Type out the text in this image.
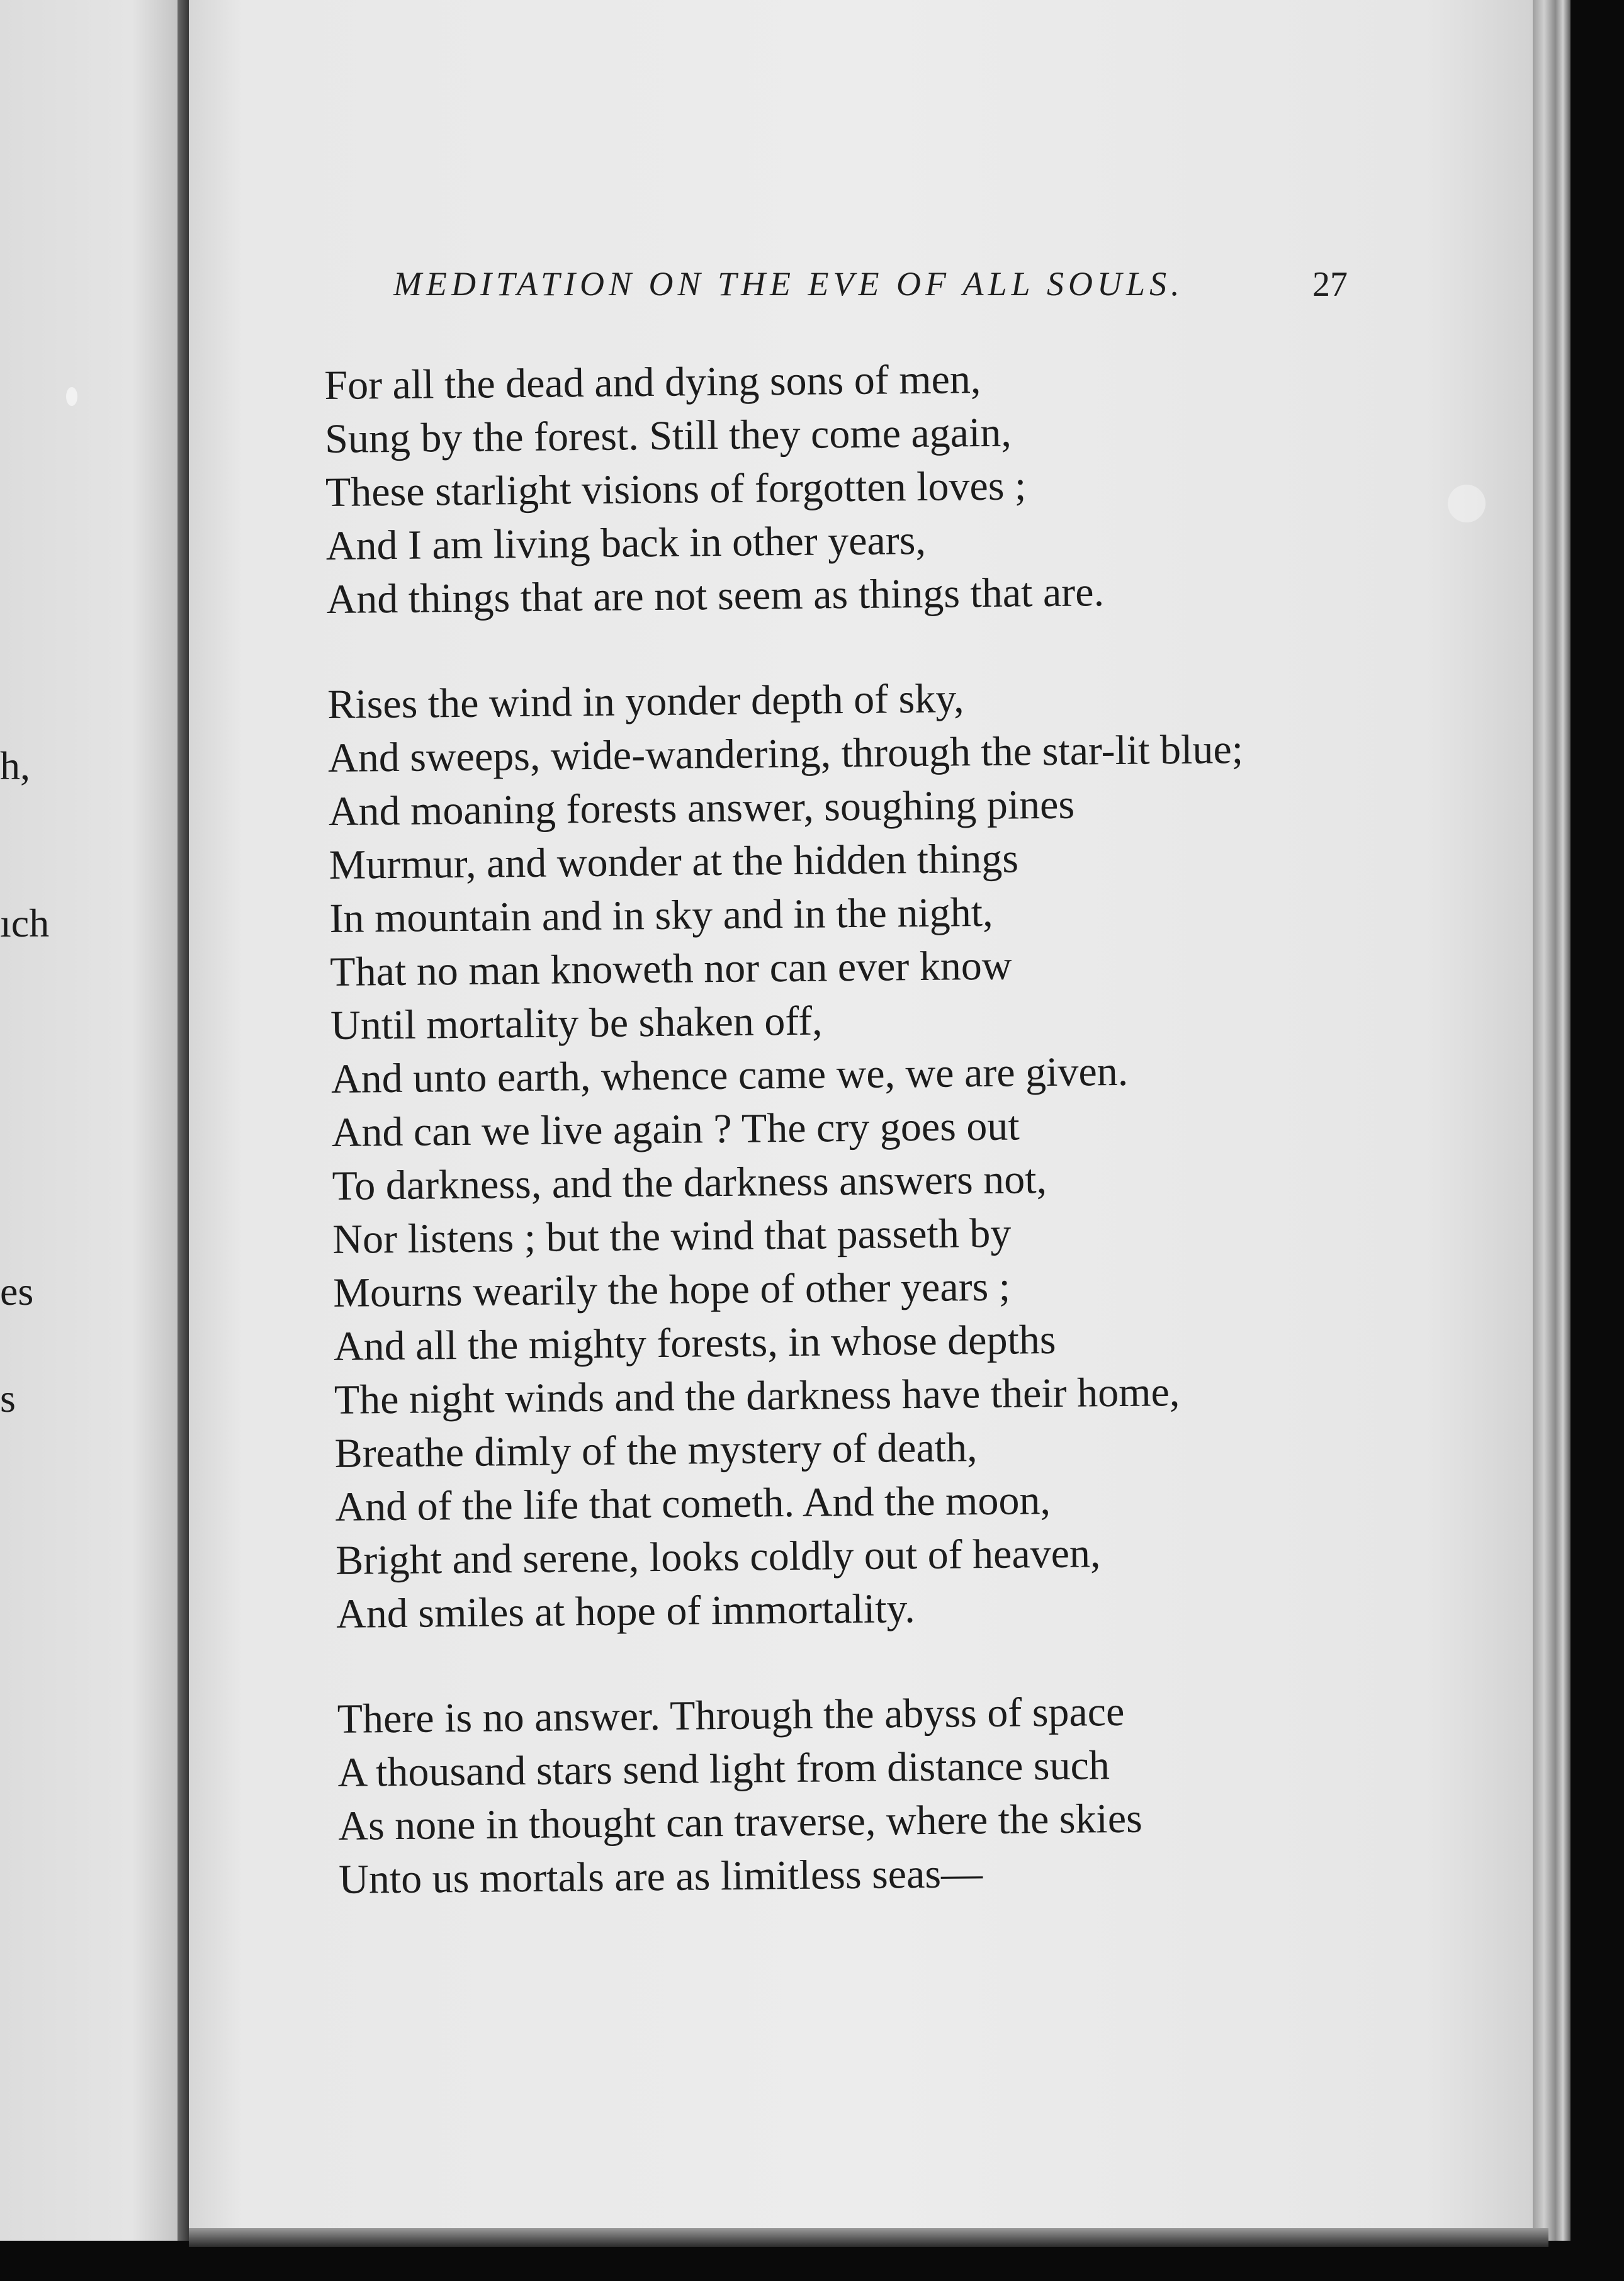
h,
ıch
es
s
MEDITATION ON THE EVE OF ALL SOULS.	27
For all the dead and dying sons of men,
Sung by the forest. Still they come again,
These starlight visions of forgotten loves ;
And I am living back in other years,
And things that are not seem as things that are.
Rises the wind in yonder depth of sky,
And sweeps, wide-wandering, through the star-lit blue;
And moaning forests answer, soughing pines
Murmur, and wonder at the hidden things
In mountain and in sky and in the night,
That no man knoweth nor can ever know
Until mortality be shaken off,
And unto earth, whence came we, we are given.
And can we live again ? The cry goes out
To darkness, and the darkness answers not,
Nor listens ; but the wind that passeth by
Mourns wearily the hope of other years ;
And all the mighty forests, in whose depths
The night winds and the darkness have their home,
Breathe dimly of the mystery of death,
And of the life that cometh. And the moon,
Bright and serene, looks coldly out of heaven,
And smiles at hope of immortality.
There is no answer. Through the abyss of space
A thousand stars send light from distance such
As none in thought can traverse, where the skies
Unto us mortals are as limitless seas—
